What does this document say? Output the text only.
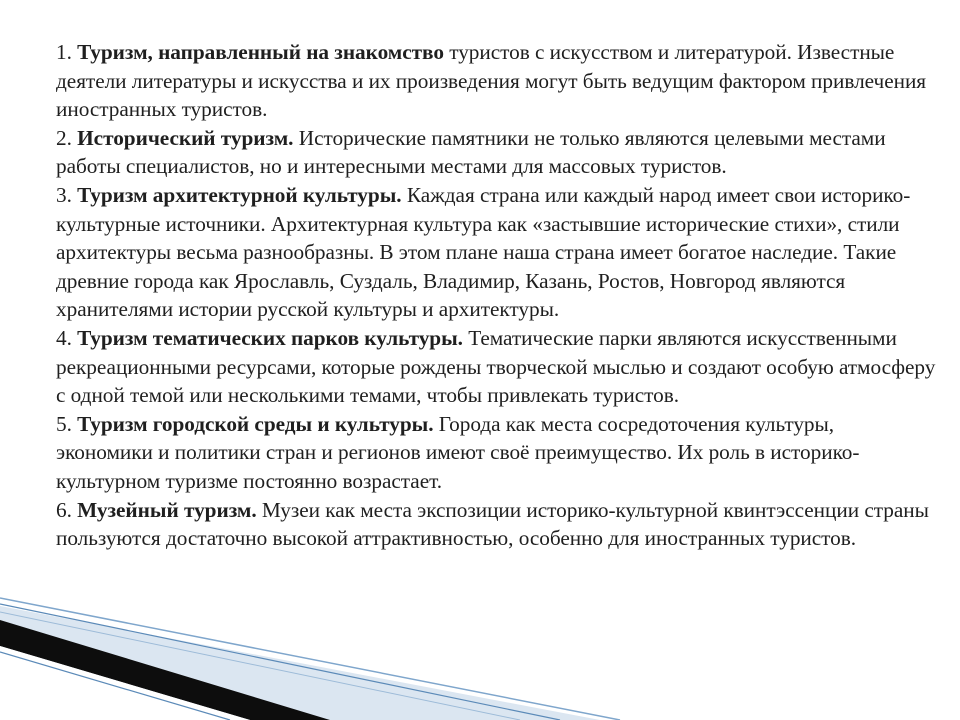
1. Туризм, направленный на знакомство туристов с искусством и литературой. Известные деятели литературы и искусства и их произведения могут быть ведущим фактором привлечения иностранных туристов.

2. Исторический туризм. Исторические памятники не только являются целевыми местами работы специалистов, но и интересными местами для массовых туристов.

3. Туризм архитектурной культуры. Каждая страна или каждый народ имеет свои историко-культурные источники. Архитектурная культура как «застывшие исторические стихи», стили архитектуры весьма разнообразны. В этом плане наша страна имеет богатое наследие. Такие древние города как Ярославль, Суздаль, Владимир, Казань, Ростов, Новгород являются хранителями истории русской культуры и архитектуры.

4. Туризм тематических парков культуры. Тематические парки являются искусственными рекреационными ресурсами, которые рождены творческой мыслью и создают особую атмосферу с одной темой или несколькими темами, чтобы привлекать туристов.

5. Туризм городской среды и культуры. Города как места сосредоточения культуры, экономики и политики стран и регионов имеют своё преимущество. Их роль в историко-культурном туризме постоянно возрастает.

6. Музейный туризм. Музеи как места экспозиции историко-культурной квинтэссенции страны пользуются достаточно высокой аттрактивностью, особенно для иностранных туристов.
